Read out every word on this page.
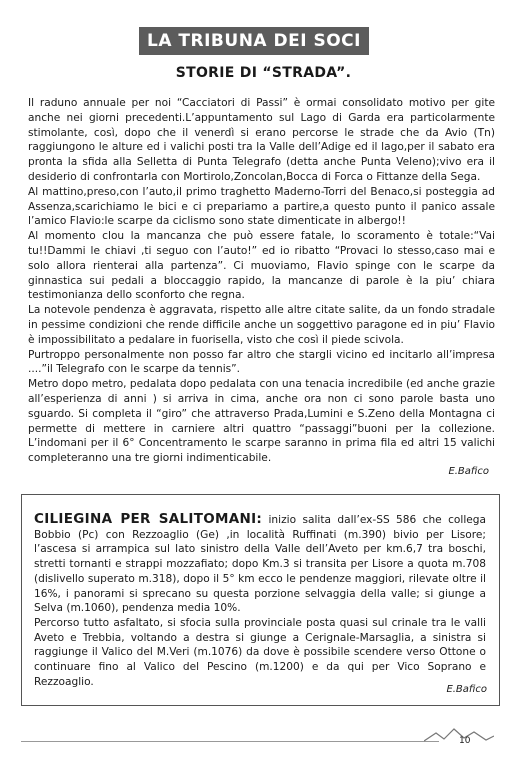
LA TRIBUNA DEI SOCI
STORIE DI “STRADA”.

Il raduno annuale per noi “Cacciatori di Passi” è ormai consolidato motivo per gite anche nei giorni precedenti.L’appuntamento sul Lago di Garda era particolarmente stimolante, così, dopo che il venerdì si erano percorse le strade che da Avio (Tn) raggiungono le alture ed i valichi posti tra la Valle dell’Adige ed il lago,per il sabato era pronta la sfida alla Selletta di Punta Telegrafo (detta anche Punta Veleno);vivo era il desiderio di confrontarla con Mortirolo,Zoncolan,Bocca di Forca o Fittanze della Sega.

Al mattino,preso,con l’auto,il primo traghetto Maderno-Torri del Benaco,si posteggia ad Assenza,scarichiamo le bici e ci prepariamo a partire,a questo punto il panico assale l’amico Flavio:le scarpe da ciclismo sono state dimenticate in albergo!!

Al momento clou la mancanza che può essere fatale, lo scoramento è totale:“Vai tu!!Dammi le chiavi ,ti seguo con l’auto!” ed io ribatto “Provaci lo stesso,caso mai e solo allora rienterai alla partenza”. Ci muoviamo, Flavio spinge con le scarpe da ginnastica sui pedali a bloccaggio rapido, la mancanze di parole è la piu’ chiara testimonianza dello sconforto che regna.

La notevole pendenza è aggravata, rispetto alle altre citate salite, da un fondo stradale in pessime condizioni che rende difficile anche un soggettivo paragone ed in piu’ Flavio è impossibilitato a pedalare in fuorisella, visto che così il piede scivola.

Purtroppo personalmente non posso far altro che stargli vicino ed incitarlo all’impresa ....”il Telegrafo con le scarpe da tennis”.

Metro dopo metro, pedalata dopo pedalata con una tenacia incredibile (ed anche grazie all’esperienza di anni ) si arriva in cima, anche ora non ci sono parole basta uno sguardo. Si completa il “giro” che attraverso Prada,Lumini e S.Zeno della Montagna ci permette di mettere in carniere altri quattro “passaggi”buoni per la collezione. L’indomani per il 6° Concentramento le scarpe saranno in prima fila ed altri 15 valichi completeranno una tre giorni indimenticabile.

E.Bafico

CILIEGINA PER SALITOMANI: inizio salita dall’ex-SS 586 che collega Bobbio (Pc) con Rezzoaglio (Ge) ,in località Ruffinati (m.390) bivio per Lisore; l’ascesa si arrampica sul lato sinistro della Valle dell’Aveto per km.6,7 tra boschi, stretti tornanti e strappi mozzafiato; dopo Km.3 si transita per Lisore a quota m.708 (dislivello superato m.318), dopo il 5° km ecco le pendenze maggiori, rilevate oltre il 16%, i panorami si sprecano su questa porzione selvaggia della valle; si giunge a Selva (m.1060), pendenza media 10%.

Percorso tutto asfaltato, si sfocia sulla provinciale posta quasi sul crinale tra le valli Aveto e Trebbia, voltando a destra si giunge a Cerignale-Marsaglia, a sinistra si raggiunge il Valico del M.Veri (m.1076) da dove è possibile scendere verso Ottone o continuare fino al Valico del Pescino (m.1200) e da qui per Vico Soprano e Rezzoaglio.

E.Bafico
10
